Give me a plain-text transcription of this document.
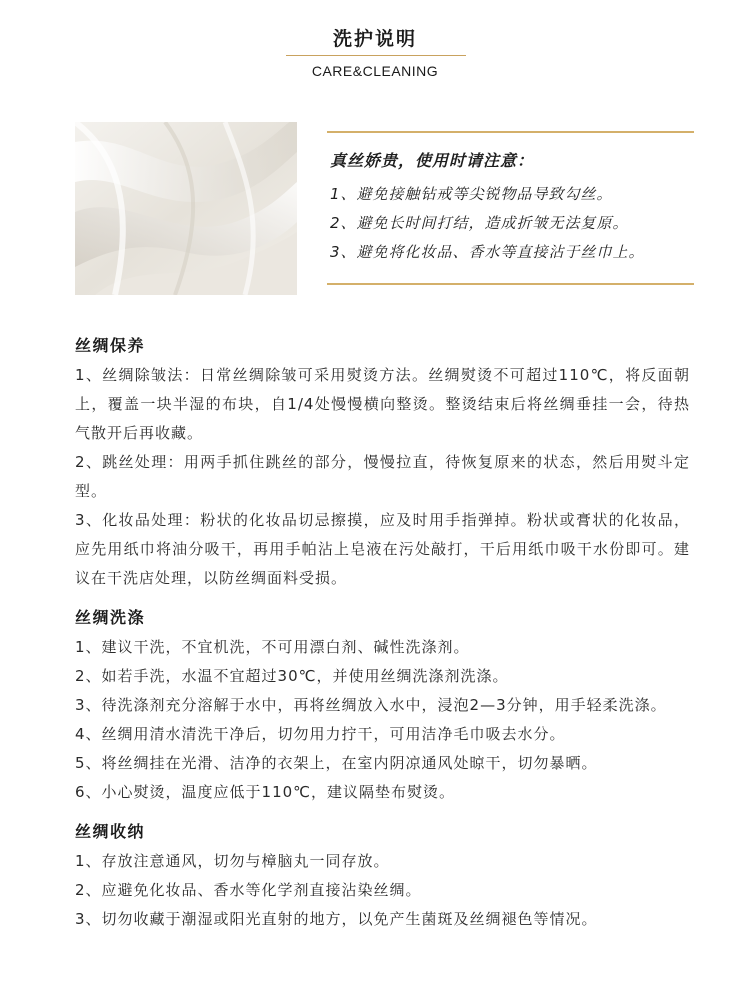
洗护说明
CARE&CLEANING
真丝娇贵，使用时请注意：
1、避免接触钻戒等尖锐物品导致勾丝。
2、避免长时间打结，造成折皱无法复原。
3、避免将化妆品、香水等直接沾于丝巾上。
丝绸保养
1、丝绸除皱法：日常丝绸除皱可采用熨烫方法。丝绸熨烫不可超过110℃，将反面朝上，覆盖一块半湿的布块，自1/4处慢慢横向整烫。整烫结束后将丝绸垂挂一会，待热气散开后再收藏。
2、跳丝处理：用两手抓住跳丝的部分，慢慢拉直，待恢复原来的状态，然后用熨斗定型。
3、化妆品处理：粉状的化妆品切忌擦摸，应及时用手指弹掉。粉状或膏状的化妆品，应先用纸巾将油分吸干，再用手帕沾上皂液在污处敲打，干后用纸巾吸干水份即可。建议在干洗店处理，以防丝绸面料受损。
丝绸洗涤
1、建议干洗，不宜机洗，不可用漂白剂、碱性洗涤剂。
2、如若手洗，水温不宜超过30℃，并使用丝绸洗涤剂洗涤。
3、待洗涤剂充分溶解于水中，再将丝绸放入水中，浸泡2—3分钟，用手轻柔洗涤。
4、丝绸用清水清洗干净后，切勿用力拧干，可用洁净毛巾吸去水分。
5、将丝绸挂在光滑、洁净的衣架上，在室内阴凉通风处晾干，切勿暴晒。
6、小心熨烫，温度应低于110℃，建议隔垫布熨烫。
丝绸收纳
1、存放注意通风，切勿与樟脑丸一同存放。
2、应避免化妆品、香水等化学剂直接沾染丝绸。
3、切勿收藏于潮湿或阳光直射的地方，以免产生菌斑及丝绸褪色等情况。
